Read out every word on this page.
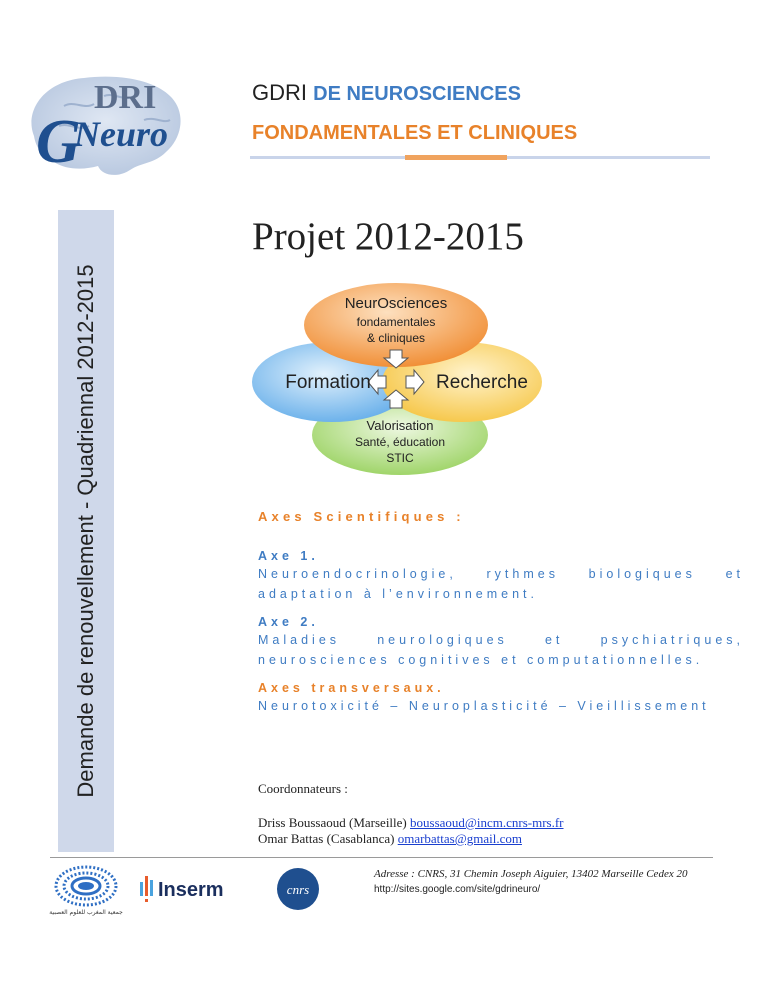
G
DRI
Neuro
GDRI DE NEUROSCIENCES
FONDAMENTALES ET CLINIQUES
Demande de renouvellement - Quadriennal 2012-2015
Projet 2012-2015
NeurOsciences
fondamentales
& cliniques
Formation	Recherche
Valorisation
Santé, éducation
STIC
Axes Scientifiques :
Axe 1.
Neuroendocrinologie, rythmes biologiques et
adaptation à l’environnement.
Axe 2.
Maladies	neurologiques	et	psychiatriques,
neurosciences cognitives et computationnelles.
Axes transversaux.
Neurotoxicité – Neuroplasticité – Vieillissement
Coordonnateurs :
Driss Boussaoud (Marseille) boussaoud@incm.cnrs-mrs.fr
Omar Battas (Casablanca) omarbattas@gmail.com
جمعية المغرب للعلوم العصبية
Inserm	cnrs
Adresse : CNRS, 31 Chemin Joseph Aiguier, 13402 Marseille Cedex 20
http://sites.google.com/site/gdrineuro/
